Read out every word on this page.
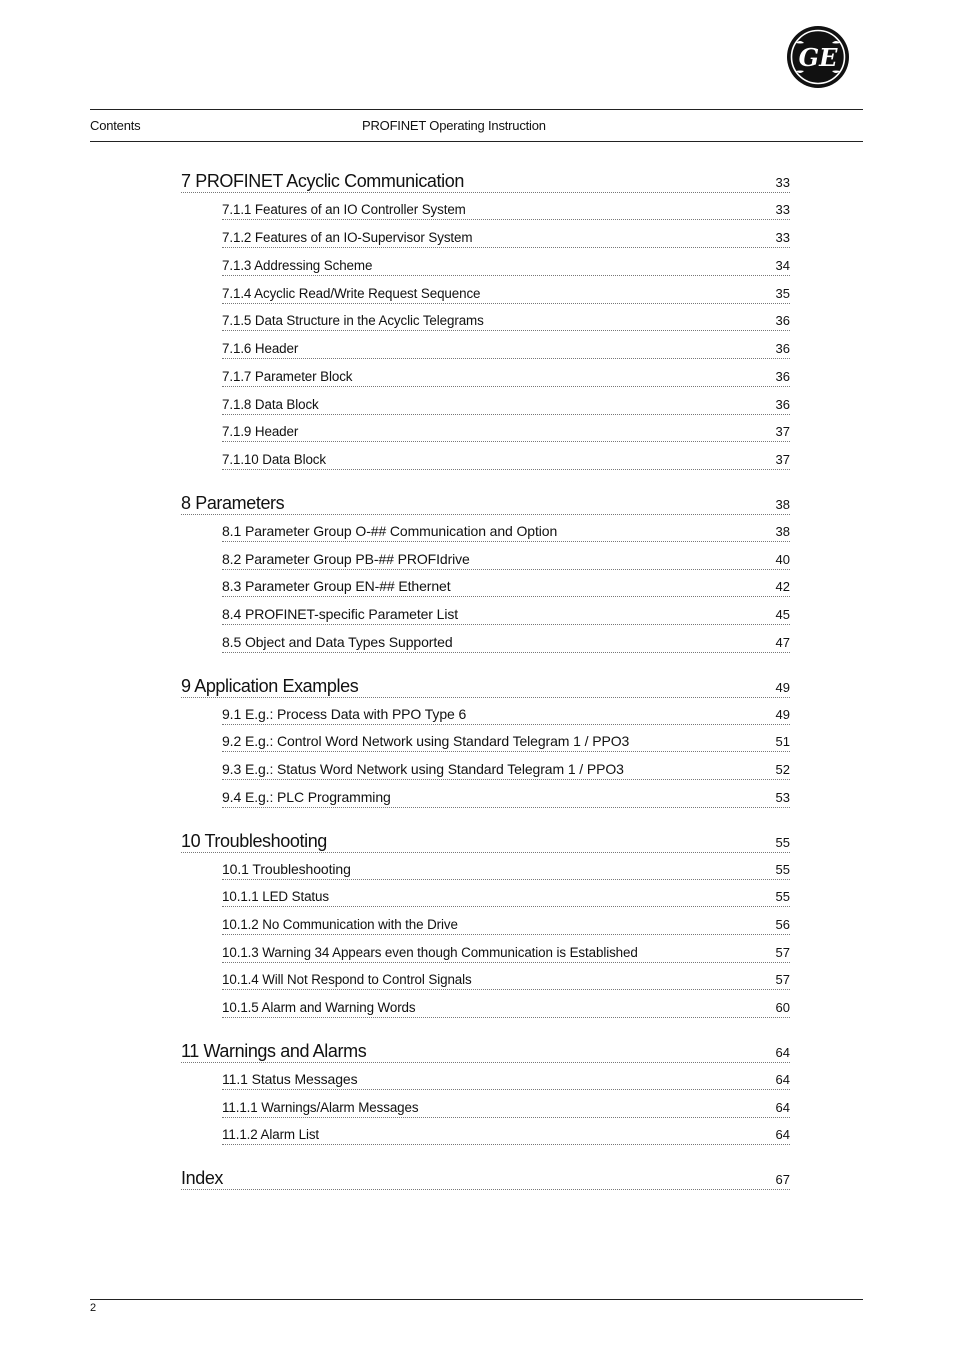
GE
Contents	PROFINET Operating Instruction
7 PROFINET Acyclic Communication	33
7.1.1 Features of an IO Controller System	33
7.1.2 Features of an IO-Supervisor System	33
7.1.3 Addressing Scheme	34
7.1.4 Acyclic Read/Write Request Sequence	35
7.1.5 Data Structure in the Acyclic Telegrams	36
7.1.6 Header	36
7.1.7 Parameter Block	36
7.1.8 Data Block	36
7.1.9 Header	37
7.1.10 Data Block	37
8 Parameters	38
8.1 Parameter Group O-## Communication and Option	38
8.2 Parameter Group PB-## PROFIdrive	40
8.3 Parameter Group EN-## Ethernet	42
8.4 PROFINET-specific Parameter List	45
8.5 Object and Data Types Supported	47
9 Application Examples	49
9.1 E.g.: Process Data with PPO Type 6	49
9.2 E.g.: Control Word Network using Standard Telegram 1 / PPO3	51
9.3 E.g.: Status Word Network using Standard Telegram 1 / PPO3	52
9.4 E.g.: PLC Programming	53
10 Troubleshooting	55
10.1 Troubleshooting	55
10.1.1 LED Status	55
10.1.2 No Communication with the Drive	56
10.1.3 Warning 34 Appears even though Communication is Established	57
10.1.4 Will Not Respond to Control Signals	57
10.1.5 Alarm and Warning Words	60
11 Warnings and Alarms	64
11.1 Status Messages	64
11.1.1 Warnings/Alarm Messages	64
11.1.2 Alarm List	64
Index	67
2
